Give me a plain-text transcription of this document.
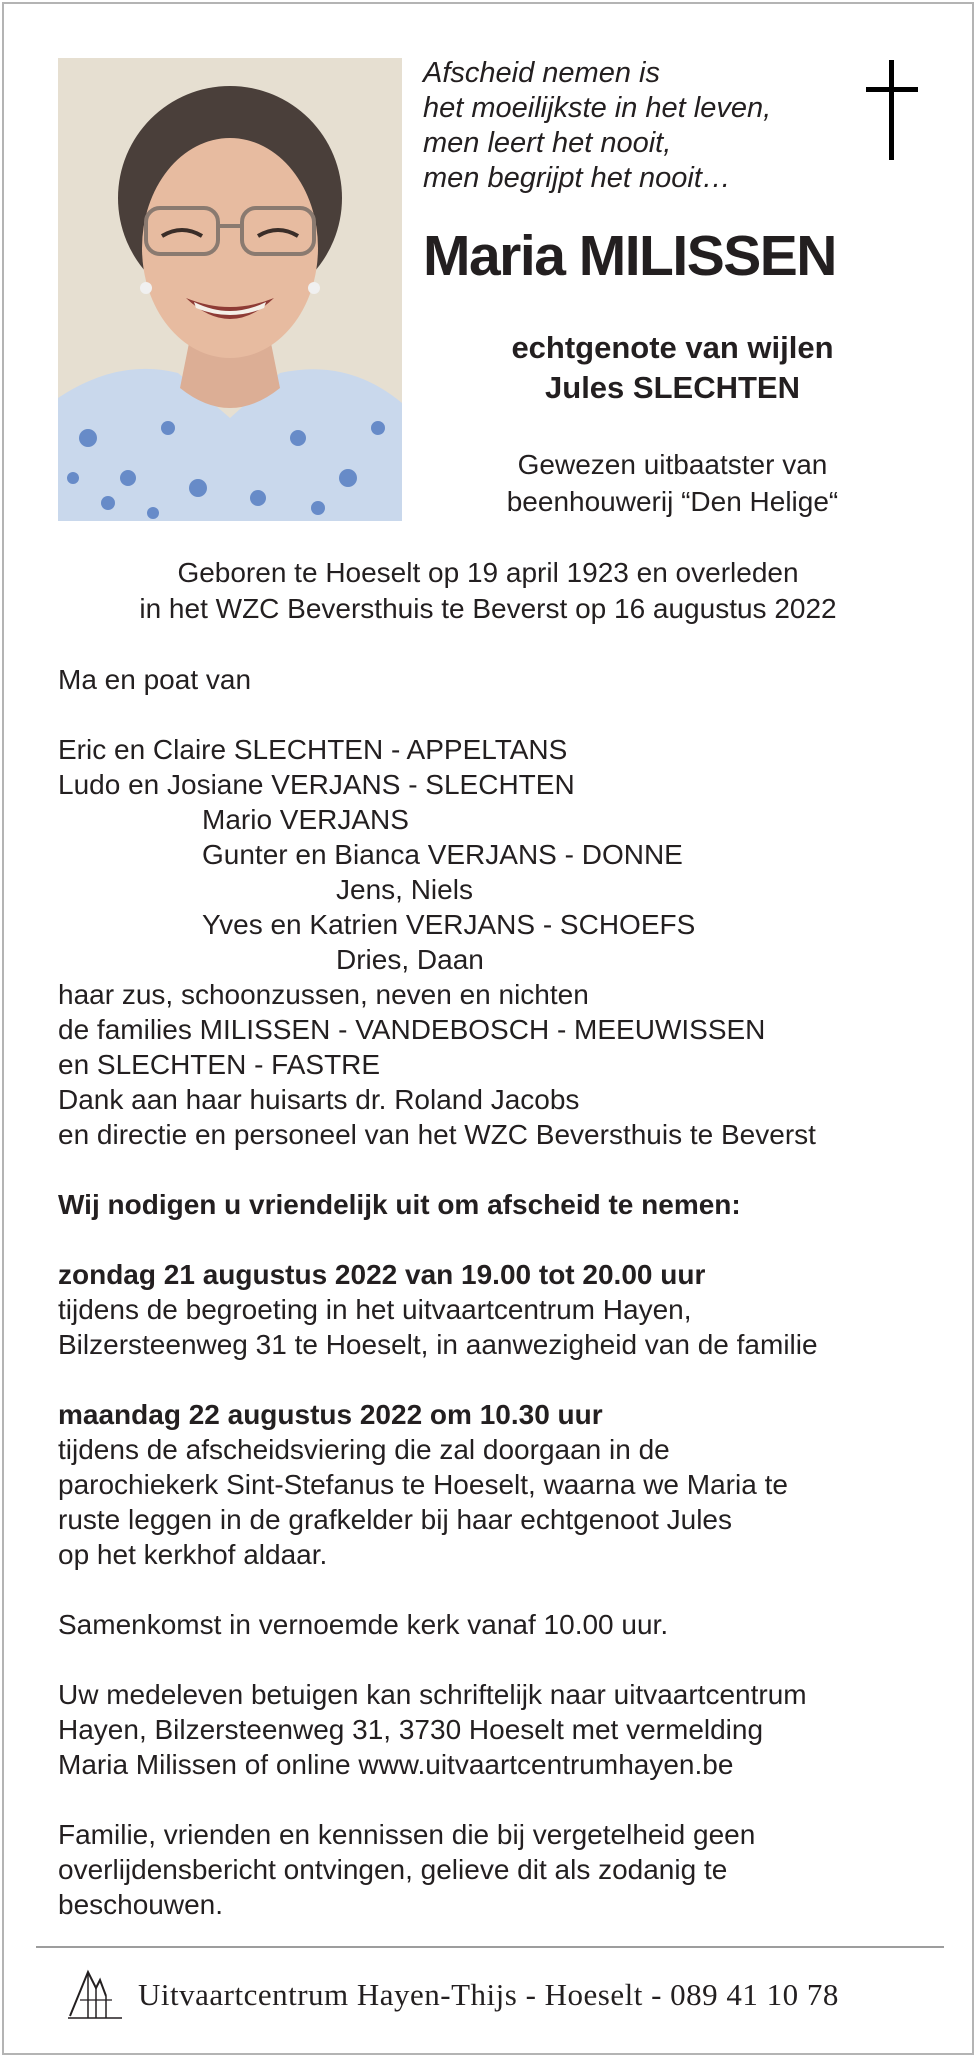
Afscheid nemen is
het moeilijkste in het leven,
men leert het nooit,
men begrijpt het nooit…
Maria MILISSEN
echtgenote van wijlen
Jules SLECHTEN
Gewezen uitbaatster van
beenhouwerij “Den Helige“
Geboren te Hoeselt op 19 april 1923 en overleden
in het WZC Beversthuis te Beverst op 16 augustus 2022
Ma en poat van
Eric en Claire SLECHTEN - APPELTANS
Ludo en Josiane VERJANS - SLECHTEN
Mario VERJANS
Gunter en Bianca VERJANS - DONNE
Jens, Niels
Yves en Katrien VERJANS - SCHOEFS
Dries, Daan
haar zus, schoonzussen, neven en nichten
de families MILISSEN - VANDEBOSCH - MEEUWISSEN
en SLECHTEN - FASTRE
Dank aan haar huisarts dr. Roland Jacobs
en directie en personeel van het WZC Beversthuis te Beverst
Wij nodigen u vriendelijk uit om afscheid te nemen:
zondag 21 augustus 2022 van 19.00 tot 20.00 uur
tijdens de begroeting in het uitvaartcentrum Hayen,
Bilzersteenweg 31 te Hoeselt, in aanwezigheid van de familie
maandag 22 augustus 2022 om 10.30 uur
tijdens de afscheidsviering die zal doorgaan in de
parochiekerk Sint-Stefanus te Hoeselt, waarna we Maria te
ruste leggen in de grafkelder bij haar echtgenoot Jules
op het kerkhof aldaar.
Samenkomst in vernoemde kerk vanaf 10.00 uur.
Uw medeleven betuigen kan schriftelijk naar uitvaartcentrum
Hayen, Bilzersteenweg 31, 3730 Hoeselt met vermelding
Maria Milissen of online www.uitvaartcentrumhayen.be
Familie, vrienden en kennissen die bij vergetelheid geen
overlijdensbericht ontvingen, gelieve dit als zodanig te
beschouwen.
Uitvaartcentrum Hayen-Thijs - Hoeselt - 089 41 10 78
